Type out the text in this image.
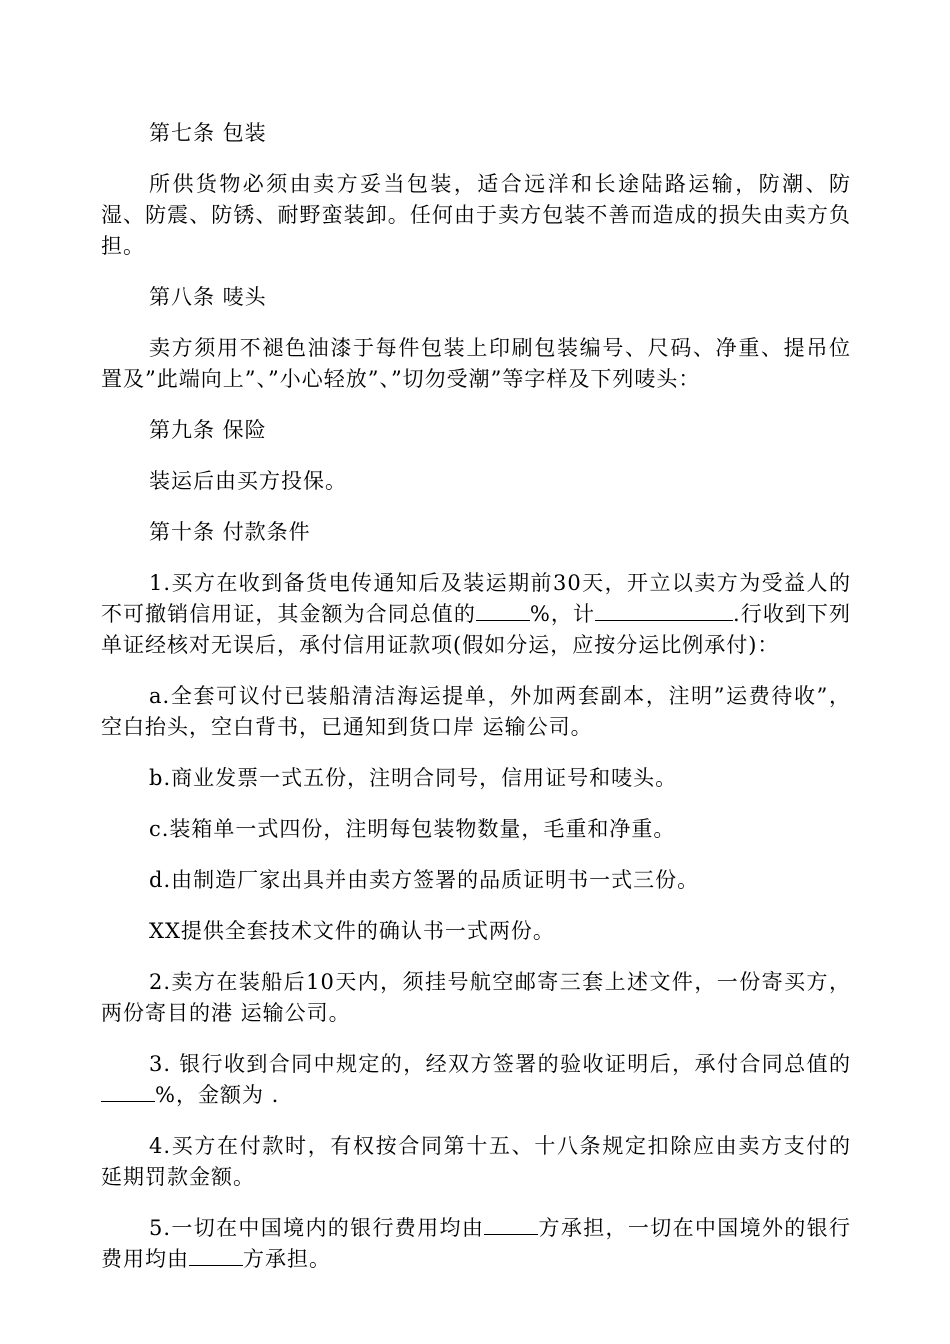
第七条 包装

所供货物必须由卖方妥当包装，适合远洋和长途陆路运输，防潮、防湿、防震、防锈、耐野蛮装卸。任何由于卖方包装不善而造成的损失由卖方负担。

第八条 唛头

卖方须用不褪色油漆于每件包装上印刷包装编号、尺码、净重、提吊位置及”此端向上”、”小心轻放”、”切勿受潮”等字样及下列唛头：

第九条 保险

装运后由买方投保。

第十条 付款条件

1.买方在收到备货电传通知后及装运期前30天，开立以卖方为受益人的不可撤销信用证，其金额为合同总值的	%，计	.行收到下列单证经核对无误后，承付信用证款项(假如分运，应按分运比例承付)：

a.全套可议付已装船清洁海运提单，外加两套副本，注明”运费待收”，空白抬头，空白背书，已通知到货口岸 运输公司。

b.商业发票一式五份，注明合同号，信用证号和唛头。

c.装箱单一式四份，注明每包装物数量，毛重和净重。

d.由制造厂家出具并由卖方签署的品质证明书一式三份。

XX提供全套技术文件的确认书一式两份。

2.卖方在装船后10天内，须挂号航空邮寄三套上述文件，一份寄买方，两份寄目的港 运输公司。

3. 银行收到合同中规定的，经双方签署的验收证明后，承付合同总值的%，金额为 .

4.买方在付款时，有权按合同第十五、十八条规定扣除应由卖方支付的延期罚款金额。

5.一切在中国境内的银行费用均由	方承担，一切在中国境外的银行费用均由	方承担。
